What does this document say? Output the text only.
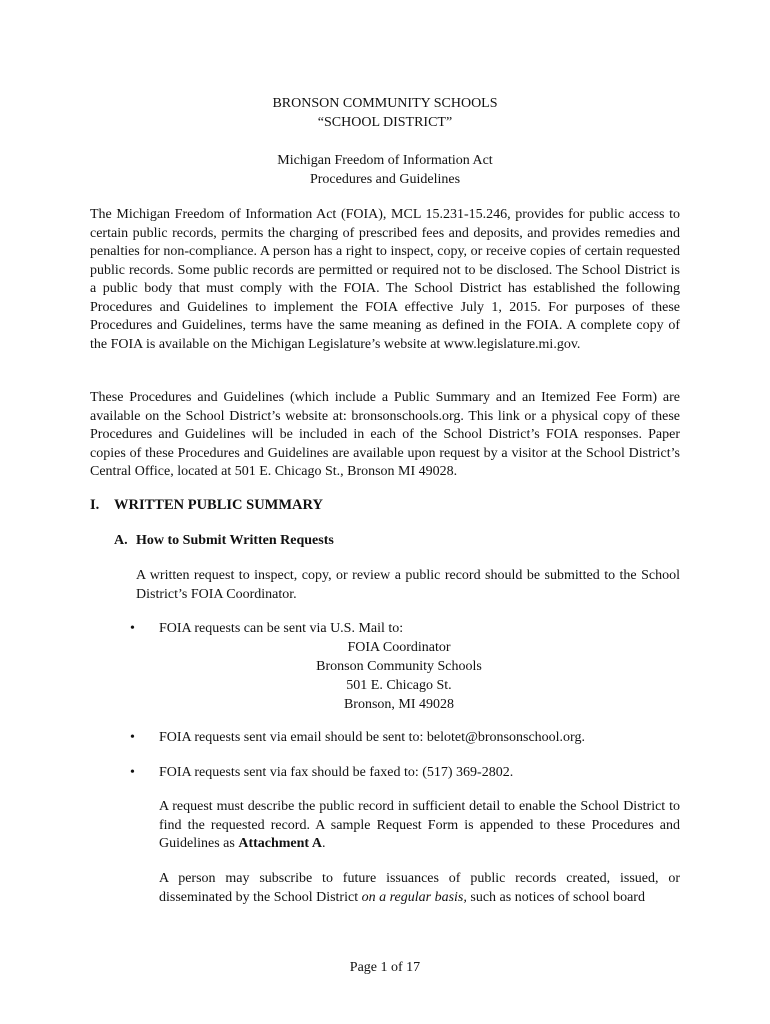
BRONSON COMMUNITY SCHOOLS
“SCHOOL DISTRICT”
Michigan Freedom of Information Act
Procedures and Guidelines
The Michigan Freedom of Information Act (FOIA), MCL 15.231-15.246, provides for public access to certain public records, permits the charging of prescribed fees and deposits, and provides remedies and penalties for non-compliance. A person has a right to inspect, copy, or receive copies of certain requested public records. Some public records are permitted or required not to be disclosed. The School District is a public body that must comply with the FOIA. The School District has established the following Procedures and Guidelines to implement the FOIA effective July 1, 2015. For purposes of these Procedures and Guidelines, terms have the same meaning as defined in the FOIA. A complete copy of the FOIA is available on the Michigan Legislature’s website at www.legislature.mi.gov.
These Procedures and Guidelines (which include a Public Summary and an Itemized Fee Form) are available on the School District’s website at: bronsonschools.org. This link or a physical copy of these Procedures and Guidelines will be included in each of the School District’s FOIA responses. Paper copies of these Procedures and Guidelines are available upon request by a visitor at the School District’s Central Office, located at 501 E. Chicago St., Bronson MI 49028.
I. WRITTEN PUBLIC SUMMARY
A. How to Submit Written Requests
A written request to inspect, copy, or review a public record should be submitted to the School District’s FOIA Coordinator.
• FOIA requests can be sent via U.S. Mail to:
FOIA Coordinator
Bronson Community Schools
501 E. Chicago St.
Bronson, MI 49028
• FOIA requests sent via email should be sent to: belotet@bronsonschool.org.
• FOIA requests sent via fax should be faxed to: (517) 369-2802.
A request must describe the public record in sufficient detail to enable the School District to find the requested record. A sample Request Form is appended to these Procedures and Guidelines as Attachment A.
A person may subscribe to future issuances of public records created, issued, or disseminated by the School District on a regular basis, such as notices of school board
Page 1 of 17
